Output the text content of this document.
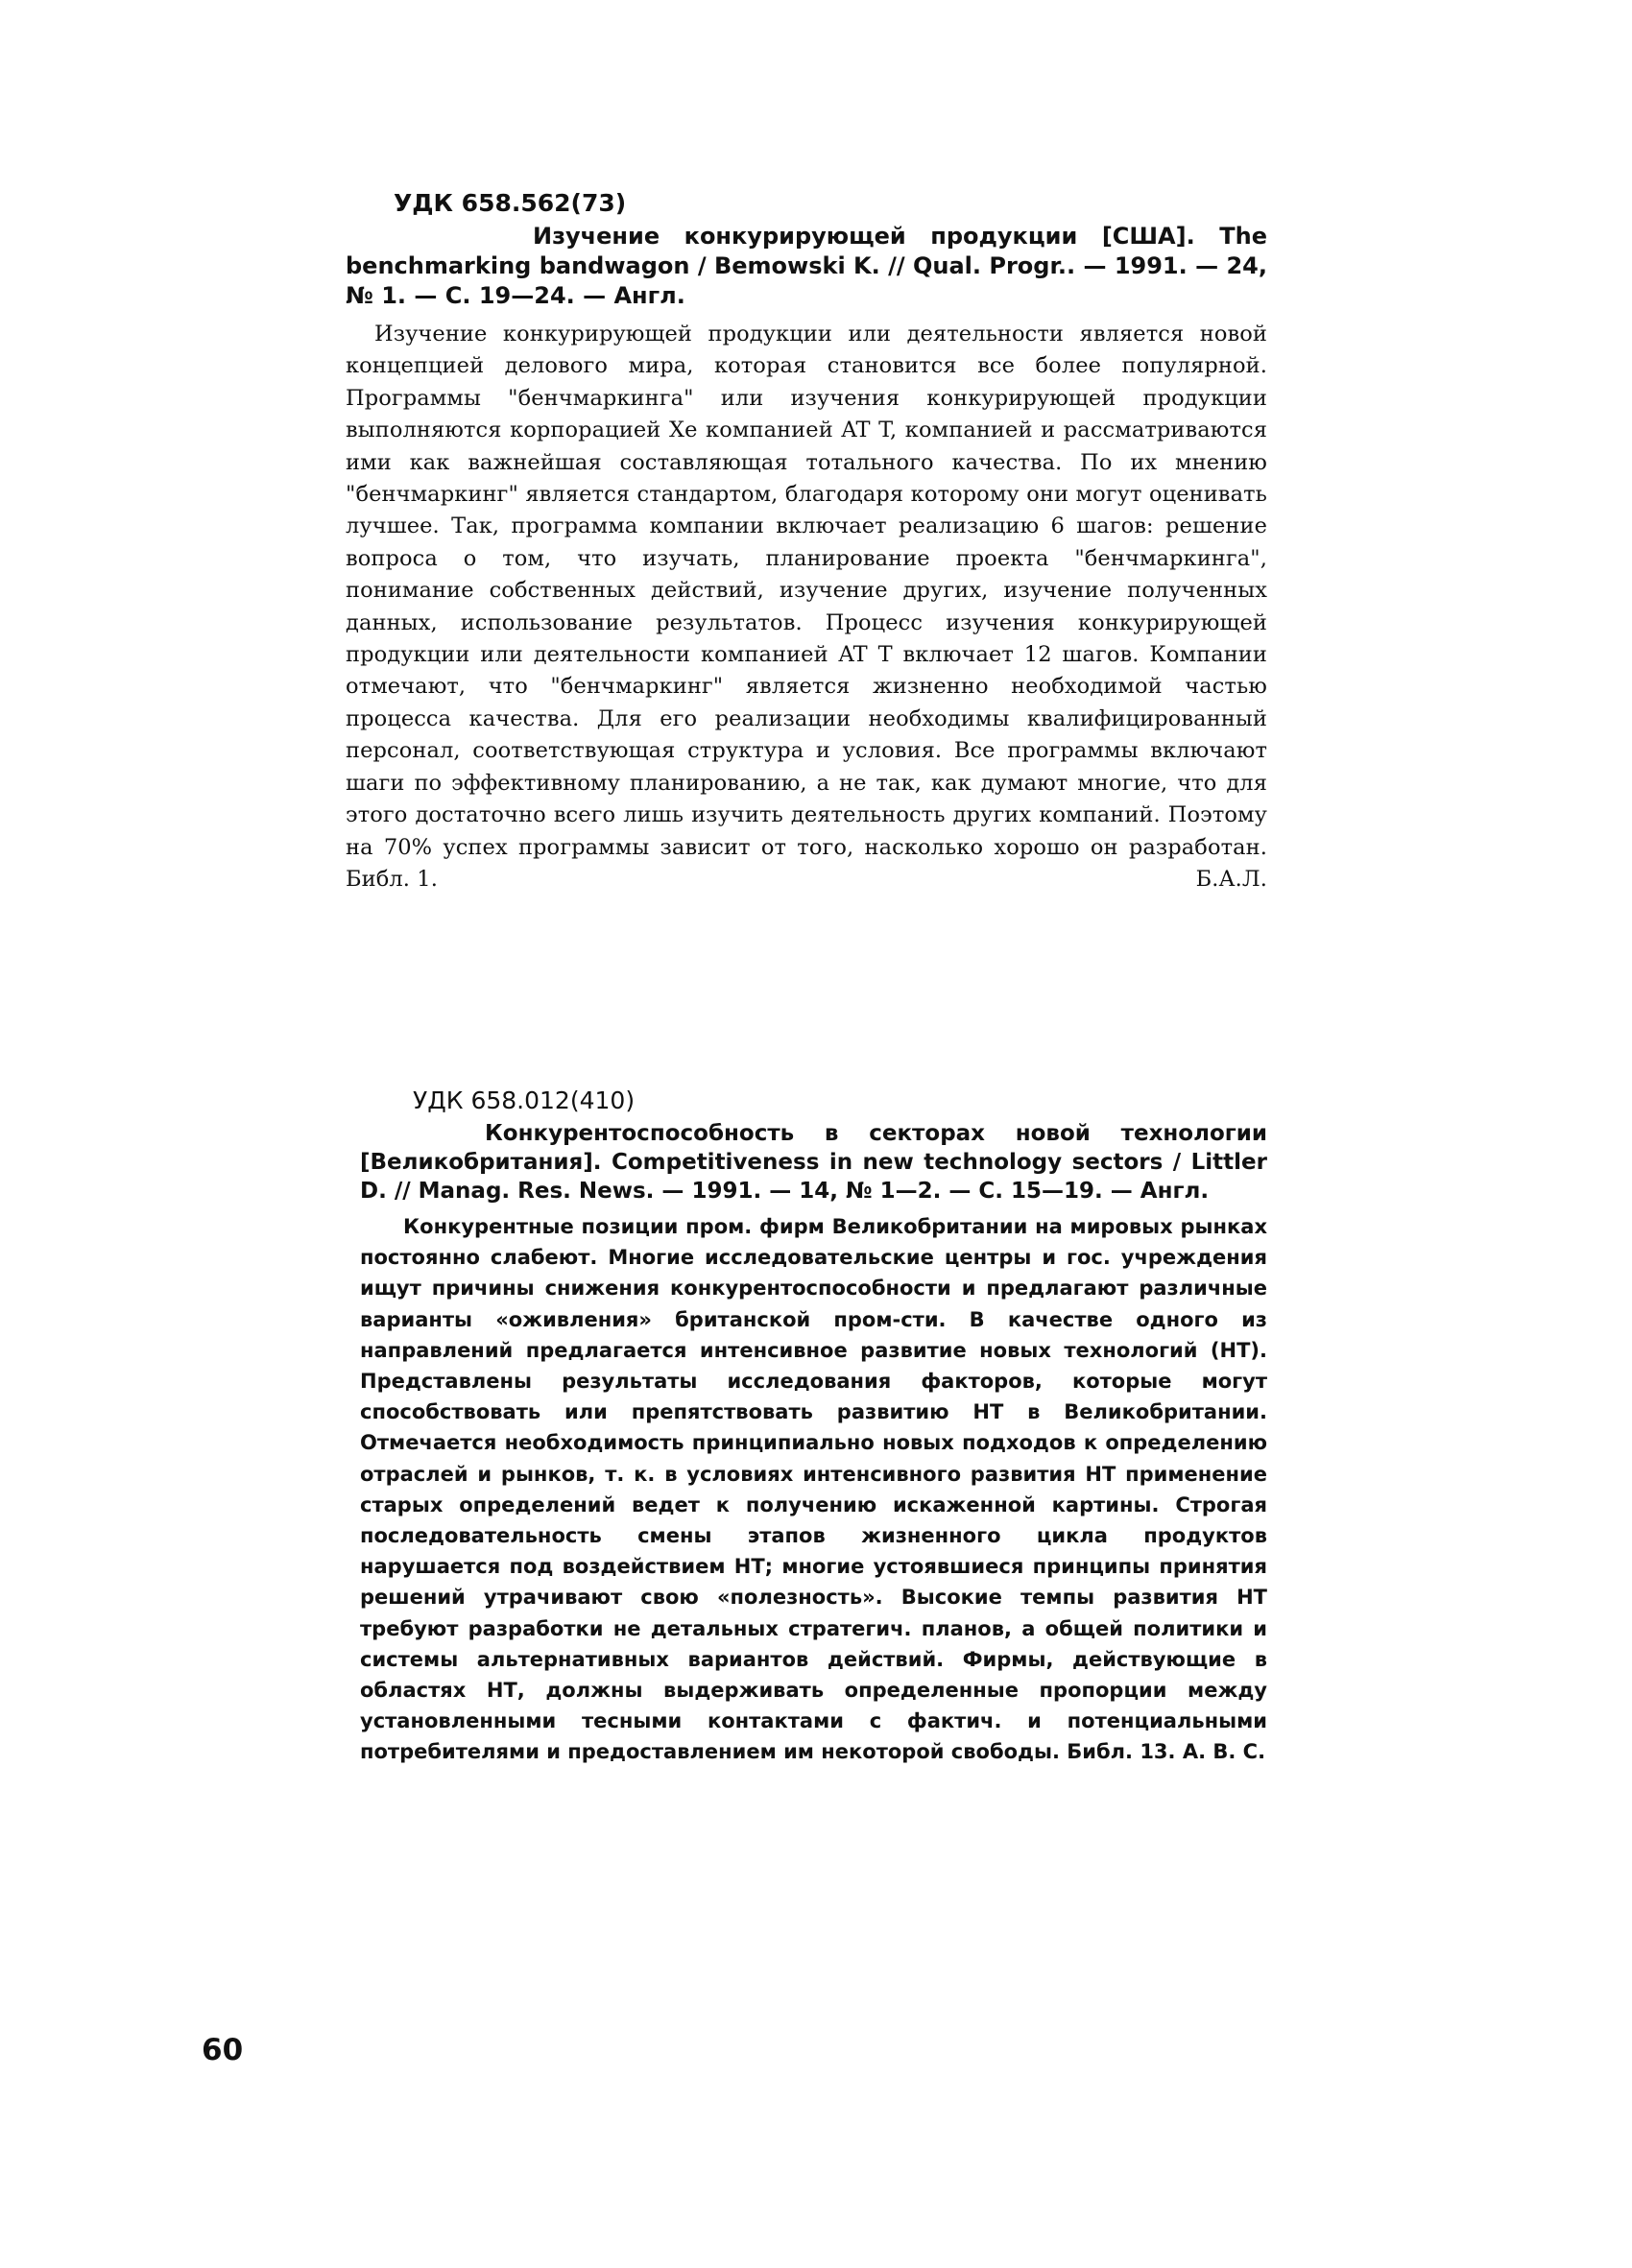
УДК 658.562(73)

Изучение конкурирующей продукции [США]. The benchmarking bandwagon / Bemowski K. // Qual. Progr.. — 1991. — 24, № 1. — С. 19—24. — Англ.

Изучение конкурирующей продукции или деятельности является новой концепцией делового мира, которая становится все более популярной. Программы "бенчмаркинга" или изучения конкурирующей продукции выполняются корпорацией Хе компанией AT T, компанией и рассматриваются ими как важнейшая составляющая тотального качества. По их мнению "бенчмаркинг" является стандартом, благодаря которому они могут оценивать лучшее. Так, программа компании включает реализацию 6 шагов: решение вопроса о том, что изучать, планирование проекта "бенчмаркинга", понимание собственных действий, изучение других, изучение полученных данных, использование результатов. Процесс изучения конкурирующей продукции или деятельности компанией AT T включает 12 шагов. Компании отмечают, что "бенчмаркинг" является жизненно необходимой частью процесса качества. Для его реализации необходимы квалифицированный персонал, соответствующая структура и условия. Все программы включают шаги по эффективному планированию, а не так, как думают многие, что для этого достаточно всего лишь изучить деятельность других компаний. Поэтому на 70% успех программы зависит от того, насколько хорошо он разработан. Библ. 1.	Б.А.Л.

УДК 658.012(410)

Конкурентоспособность в секторах новой технологии [Великобритания]. Competitiveness in new technology sectors / Littler D. // Manag. Res. News. — 1991. — 14, № 1—2. — С. 15—19. — Англ.

Конкурентные позиции пром. фирм Великобритании на мировых рынках постоянно слабеют. Многие исследовательские центры и гос. учреждения ищут причины снижения конкурентоспособности и предлагают различные варианты «оживления» британской пром-сти. В качестве одного из направлений предлагается интенсивное развитие новых технологий (НТ). Представлены результаты исследования факторов, которые могут способствовать или препятствовать развитию НТ в Великобритании. Отмечается необходимость принципиально новых подходов к определению отраслей и рынков, т. к. в условиях интенсивного развития НТ применение старых определений ведет к получению искаженной картины. Строгая последовательность смены этапов жизненного цикла продуктов нарушается под воздействием НТ; многие устоявшиеся принципы принятия решений утрачивают свою «полезность». Высокие темпы развития НТ требуют разработки не детальных стратегич. планов, а общей политики и системы альтернативных вариантов действий. Фирмы, действующие в областях НТ, должны выдерживать определенные пропорции между установленными тесными контактами с фактич. и потенциальными потребителями и предоставлением им некоторой свободы. Библ. 13. А. В. С.

60
